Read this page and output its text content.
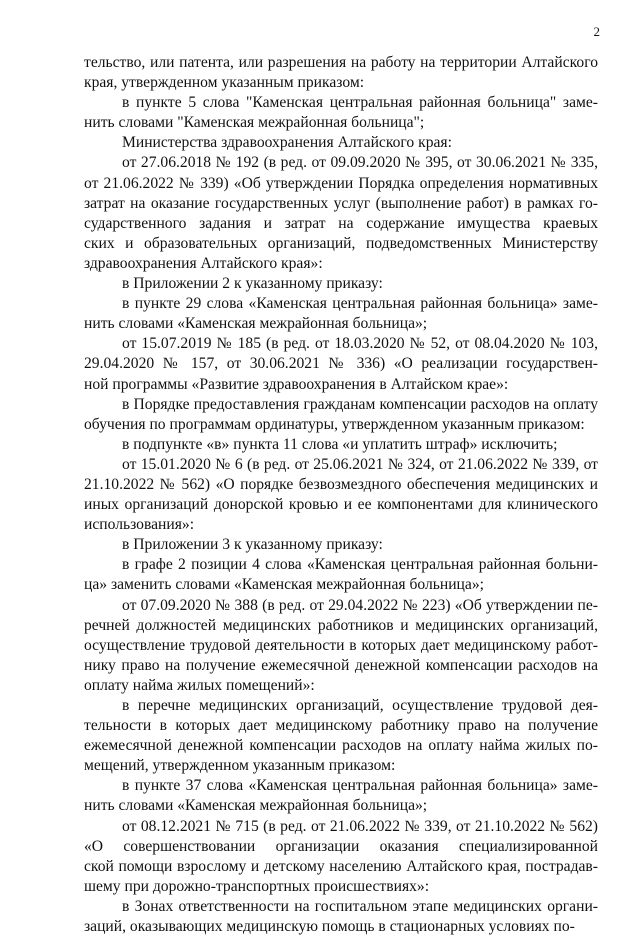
2
тельство, или патента, или разрешения на работу на территории Алтайского
края, утвержденном указанным приказом:
в пункте 5 слова "Каменская центральная районная больница" заме-
нить словами "Каменская межрайонная больница";
Министерства здравоохранения Алтайского края:
от 27.06.2018 № 192 (в ред. от 09.09.2020 № 395, от 30.06.2021 № 335,
от 21.06.2022 № 339) «Об утверждении Порядка определения нормативных
затрат на оказание государственных услуг (выполнение работ) в рамках го-
сударственного задания и затрат на содержание имущества краевых
ских и образовательных организаций, подведомственных Министерству
здравоохранения Алтайского края»:
в Приложении 2 к указанному приказу:
в пункте 29 слова «Каменская центральная районная больница» заме-
нить словами «Каменская межрайонная больница»;
от 15.07.2019 № 185 (в ред. от 18.03.2020 № 52, от 08.04.2020 № 103,
29.04.2020 № 157, от 30.06.2021 № 336) «О реализации государствен-
ной программы «Развитие здравоохранения в Алтайском крае»:
в Порядке предоставления гражданам компенсации расходов на оплату
обучения по программам ординатуры, утвержденном указанным приказом:
в подпункте «в» пункта 11 слова «и уплатить штраф» исключить;
от 15.01.2020 № 6 (в ред. от 25.06.2021 № 324, от 21.06.2022 № 339, от
21.10.2022 № 562) «О порядке безвозмездного обеспечения медицинских и
иных организаций донорской кровью и ее компонентами для клинического
использования»:
в Приложении 3 к указанному приказу:
в графе 2 позиции 4 слова «Каменская центральная районная больни-
ца» заменить словами «Каменская межрайонная больница»;
от 07.09.2020 № 388 (в ред. от 29.04.2022 № 223) «Об утверждении пе-
речней должностей медицинских работников и медицинских организаций,
осуществление трудовой деятельности в которых дает медицинскому работ-
нику право на получение ежемесячной денежной компенсации расходов на
оплату найма жилых помещений»:
в перечне медицинских организаций, осуществление трудовой дея-
тельности в которых дает медицинскому работнику право на получение
ежемесячной денежной компенсации расходов на оплату найма жилых по-
мещений, утвержденном указанным приказом:
в пункте 37 слова «Каменская центральная районная больница» заме-
нить словами «Каменская межрайонная больница»;
от 08.12.2021 № 715 (в ред. от 21.06.2022 № 339, от 21.10.2022 № 562)
«О совершенствовании организации оказания специализированной
ской помощи взрослому и детскому населению Алтайского края, пострадав-
шему при дорожно-транспортных происшествиях»:
в Зонах ответственности на госпитальном этапе медицинских органи-
заций, оказывающих медицинскую помощь в стационарных условиях по-
